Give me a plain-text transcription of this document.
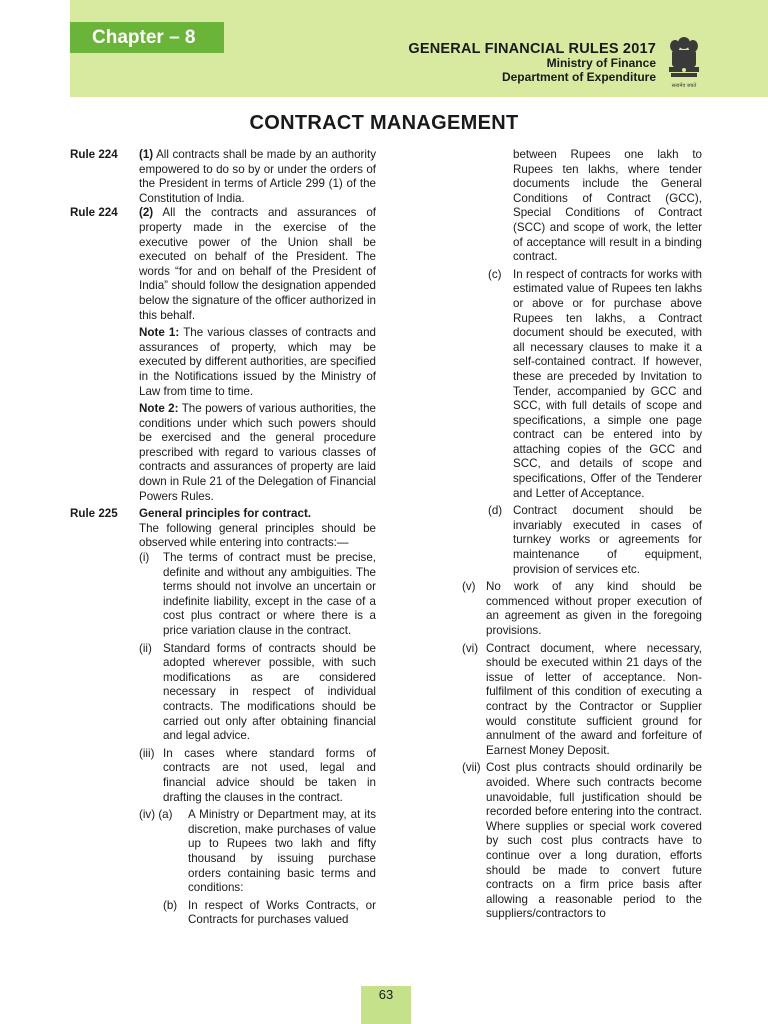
Chapter – 8
GENERAL FINANCIAL RULES 2017
Ministry of Finance
Department of Expenditure
सत्यमेव जयते
CONTRACT MANAGEMENT
Rule 224	(1) All contracts shall be made by an authority empowered to do so by or under the orders of the President in terms of Article 299 (1) of the Constitution of India.
Rule 224	(2) All the contracts and assurances of property made in the exercise of the executive power of the Union shall be executed on behalf of the President. The words “for and on behalf of the President of India” should follow the designation appended below the signature of the officer authorized in this behalf.
Note 1: The various classes of contracts and assurances of property, which may be executed by different authorities, are specified in the Notifications issued by the Ministry of Law from time to time.
Note 2: The powers of various authorities, the conditions under which such powers should be exercised and the general procedure prescribed with regard to various classes of contracts and assurances of property are laid down in Rule 21 of the Delegation of Financial Powers Rules.
Rule 225	General principles for contract.
The following general principles should be observed while entering into contracts:—
(i)	The terms of contract must be precise, definite and without any ambiguities. The terms should not involve an uncertain or indefinite liability, except in the case of a cost plus contract or where there is a price variation clause in the contract.
(ii) Standard forms of contracts should be adopted wherever possible, with such modifications as are considered necessary in respect of individual contracts. The modifications should be carried out only after obtaining financial and legal advice.
(iii) In cases where standard forms of contracts are not used, legal and financial advice should be taken in drafting the clauses in the contract.
(iv) (a)	A Ministry or Department may, at its discretion, make purchases of value up to Rupees two lakh and fifty thousand by issuing purchase orders containing basic terms and conditions:
(b) In respect of Works Contracts, or Contracts for purchases valued
between Rupees one lakh to Rupees ten lakhs, where tender documents include the General Conditions of Contract (GCC), Special Conditions of Contract (SCC) and scope of work, the letter of acceptance will result in a binding contract.
(c) In respect of contracts for works with estimated value of Rupees ten lakhs or above or for purchase above Rupees ten lakhs, a Contract document should be executed, with all necessary clauses to make it a self-contained contract. If however, these are preceded by Invitation to Tender, accompanied by GCC and SCC, with full details of scope and specifications, a simple one page contract can be entered into by attaching copies of the GCC and SCC, and details of scope and specifications, Offer of the Tenderer and Letter of Acceptance.
(d) Contract document should be invariably executed in cases of turnkey works or agreements for maintenance of equipment, provision of services etc.
(v) No work of any kind should be commenced without proper execution of an agreement as given in the foregoing provisions.
(vi) Contract document, where necessary, should be executed within 21 days of the issue of letter of acceptance. Non-fulfilment of this condition of executing a contract by the Contractor or Supplier would constitute sufficient ground for annulment of the award and forfeiture of Earnest Money Deposit.
(vii) Cost plus contracts should ordinarily be avoided. Where such contracts become unavoidable, full justification should be recorded before entering into the contract. Where supplies or special work covered by such cost plus contracts have to continue over a long duration, efforts should be made to convert future contracts on a firm price basis after allowing a reasonable period to the suppliers/contractors to
63
